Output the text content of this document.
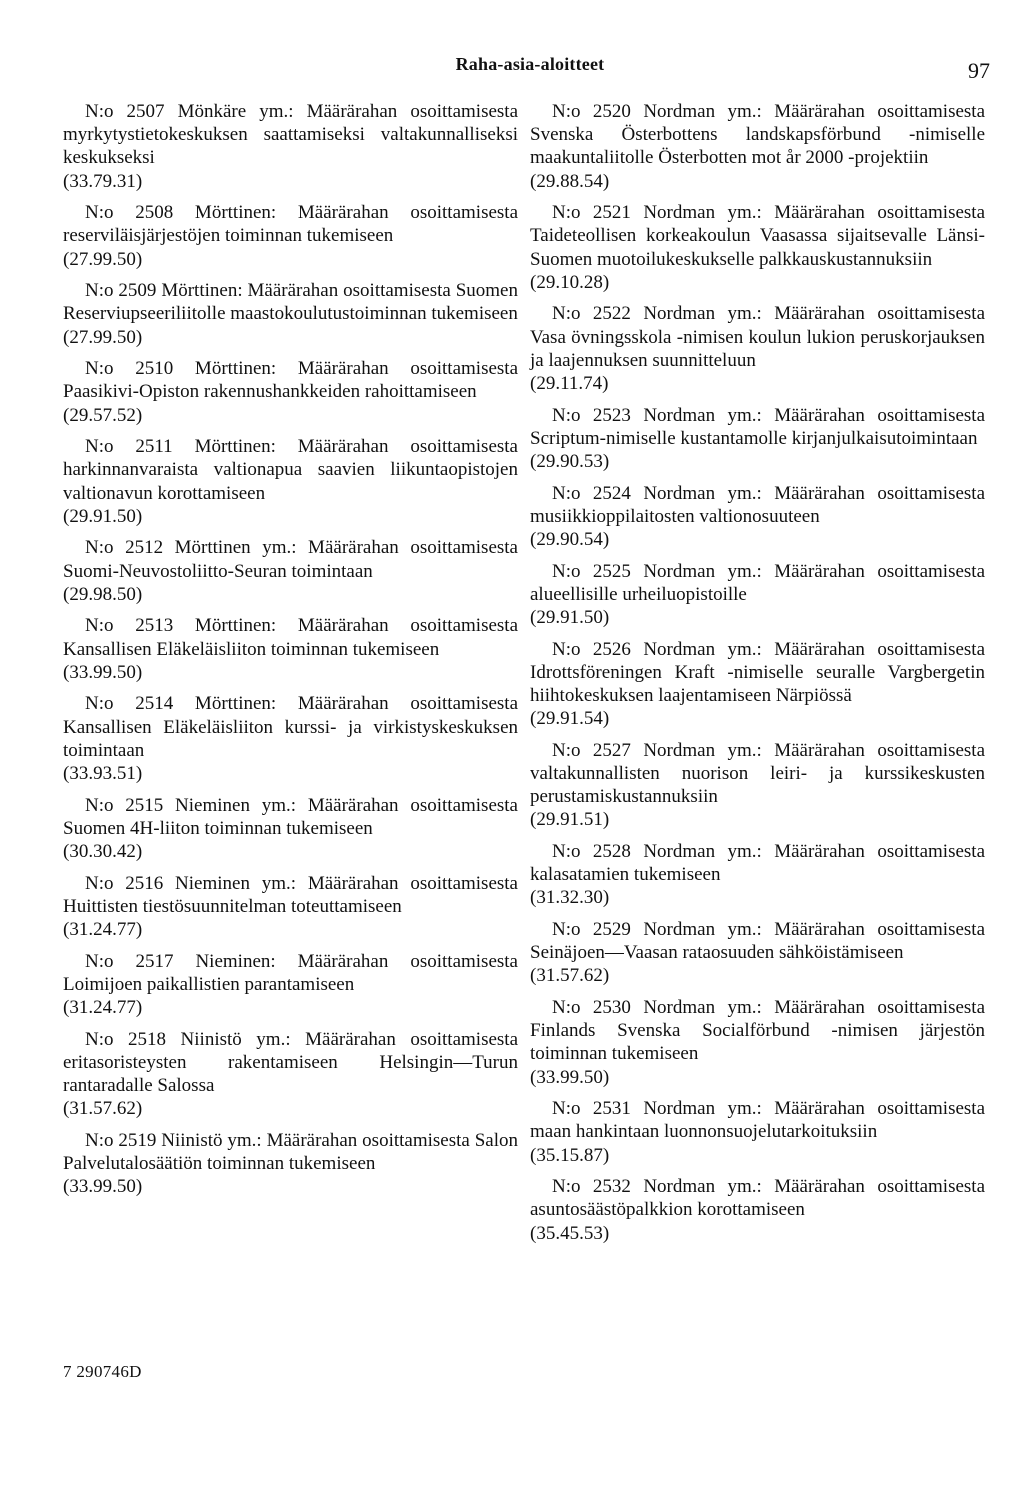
Raha-asia-aloitteet	97
N:o 2507 Mönkäre ym.: Määrärahan osoittamisesta myrkytystietokeskuksen saattamiseksi valtakunnalliseksi keskukseksi
(33.79.31)
N:o 2508 Mörttinen: Määrärahan osoittamisesta reserviläisjärjestöjen toiminnan tukemiseen
(27.99.50)
N:o 2509 Mörttinen: Määrärahan osoittamisesta Suomen Reserviupseeriliitolle maastokoulutustoiminnan tukemiseen
(27.99.50)
N:o 2510 Mörttinen: Määrärahan osoittamisesta Paasikivi-Opiston rakennushankkeiden rahoittamiseen
(29.57.52)
N:o 2511 Mörttinen: Määrärahan osoittamisesta harkinnanvaraista valtionapua saavien liikuntaopistojen valtionavun korottamiseen
(29.91.50)
N:o 2512 Mörttinen ym.: Määrärahan osoittamisesta Suomi-Neuvostoliitto-Seuran toimintaan
(29.98.50)
N:o 2513 Mörttinen: Määrärahan osoittamisesta Kansallisen Eläkeläisliiton toiminnan tukemiseen
(33.99.50)
N:o 2514 Mörttinen: Määrärahan osoittamisesta Kansallisen Eläkeläisliiton kurssi- ja virkistyskeskuksen toimintaan
(33.93.51)
N:o 2515 Nieminen ym.: Määrärahan osoittamisesta Suomen 4H-liiton toiminnan tukemiseen
(30.30.42)
N:o 2516 Nieminen ym.: Määrärahan osoittamisesta Huittisten tiestösuunnitelman toteuttamiseen
(31.24.77)
N:o 2517 Nieminen: Määrärahan osoittamisesta Loimijoen paikallistien parantamiseen
(31.24.77)
N:o 2518 Niinistö ym.: Määrärahan osoittamisesta eritasoristeysten rakentamiseen Helsingin—Turun rantaradalle Salossa
(31.57.62)
N:o 2519 Niinistö ym.: Määrärahan osoittamisesta Salon Palvelutalosäätiön toiminnan tukemiseen
(33.99.50)
N:o 2520 Nordman ym.: Määrärahan osoittamisesta Svenska Österbottens landskapsförbund -nimiselle maakuntaliitolle Österbotten mot år 2000 -projektiin
(29.88.54)
N:o 2521 Nordman ym.: Määrärahan osoittamisesta Taideteollisen korkeakoulun Vaasassa sijaitsevalle Länsi-Suomen muotoilukeskukselle palkkauskustannuksiin
(29.10.28)
N:o 2522 Nordman ym.: Määrärahan osoittamisesta Vasa övningsskola -nimisen koulun lukion peruskorjauksen ja laajennuksen suunnitteluun
(29.11.74)
N:o 2523 Nordman ym.: Määrärahan osoittamisesta Scriptum-nimiselle kustantamolle kirjanjulkaisutoimintaan
(29.90.53)
N:o 2524 Nordman ym.: Määrärahan osoittamisesta musiikkioppilaitosten valtionosuuteen
(29.90.54)
N:o 2525 Nordman ym.: Määrärahan osoittamisesta alueellisille urheiluopistoille
(29.91.50)
N:o 2526 Nordman ym.: Määrärahan osoittamisesta Idrottsföreningen Kraft -nimiselle seuralle Vargbergetin hiihtokeskuksen laajentamiseen Närpiössä
(29.91.54)
N:o 2527 Nordman ym.: Määrärahan osoittamisesta valtakunnallisten nuorison leiri- ja kurssikeskusten perustamiskustannuksiin
(29.91.51)
N:o 2528 Nordman ym.: Määrärahan osoittamisesta kalasatamien tukemiseen
(31.32.30)
N:o 2529 Nordman ym.: Määrärahan osoittamisesta Seinäjoen—Vaasan rataosuuden sähköistämiseen
(31.57.62)
N:o 2530 Nordman ym.: Määrärahan osoittamisesta Finlands Svenska Socialförbund -nimisen järjestön toiminnan tukemiseen
(33.99.50)
N:o 2531 Nordman ym.: Määrärahan osoittamisesta maan hankintaan luonnonsuojelutarkoituksiin
(35.15.87)
N:o 2532 Nordman ym.: Määrärahan osoittamisesta asuntosäästöpalkkion korottamiseen
(35.45.53)
7 290746D
